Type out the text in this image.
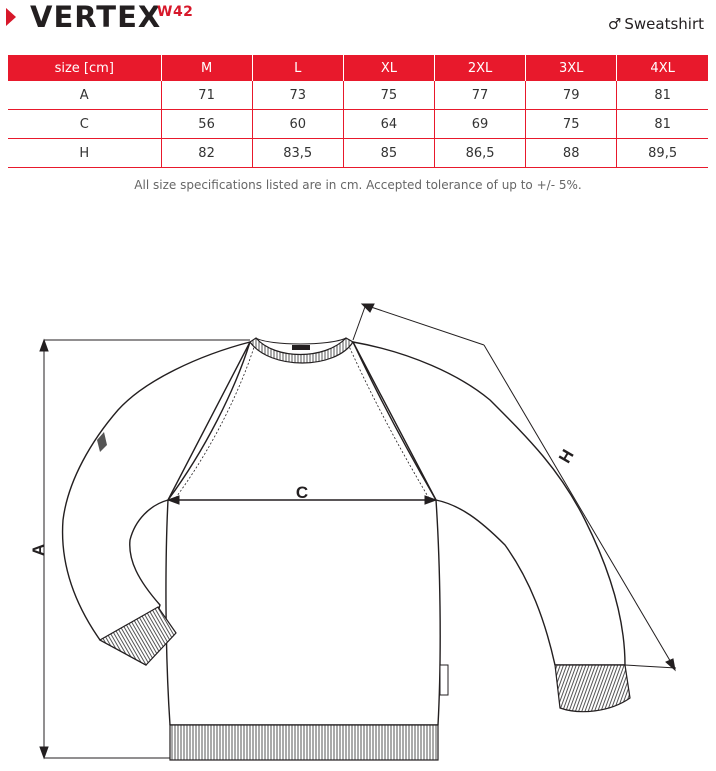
VERTEX
W42
♂ Sweatshirt
size [cm]	M	L	XL	2XL	3XL	4XL
A	71	73	75	77	79	81
C	56	60	64	69	75	81
H	82	83,5	85	86,5	88	89,5
All size specifications listed are in cm. Accepted tolerance of up to +/- 5%.
A
C
H
